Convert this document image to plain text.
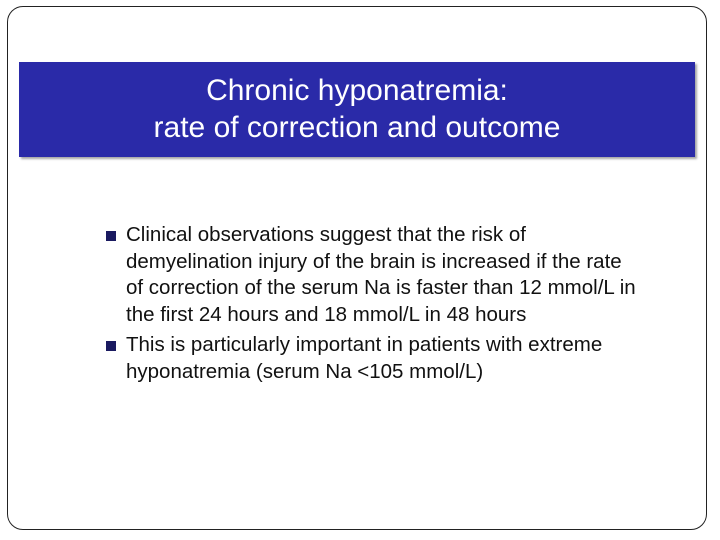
Chronic hyponatremia:
rate of correction and outcome
Clinical observations suggest that the risk of demyelination injury of the brain is increased if the rate of correction of the serum Na is faster than 12 mmol/L in the first 24 hours and 18 mmol/L in 48 hours
This is particularly important in patients with extreme hyponatremia (serum Na <105 mmol/L)
